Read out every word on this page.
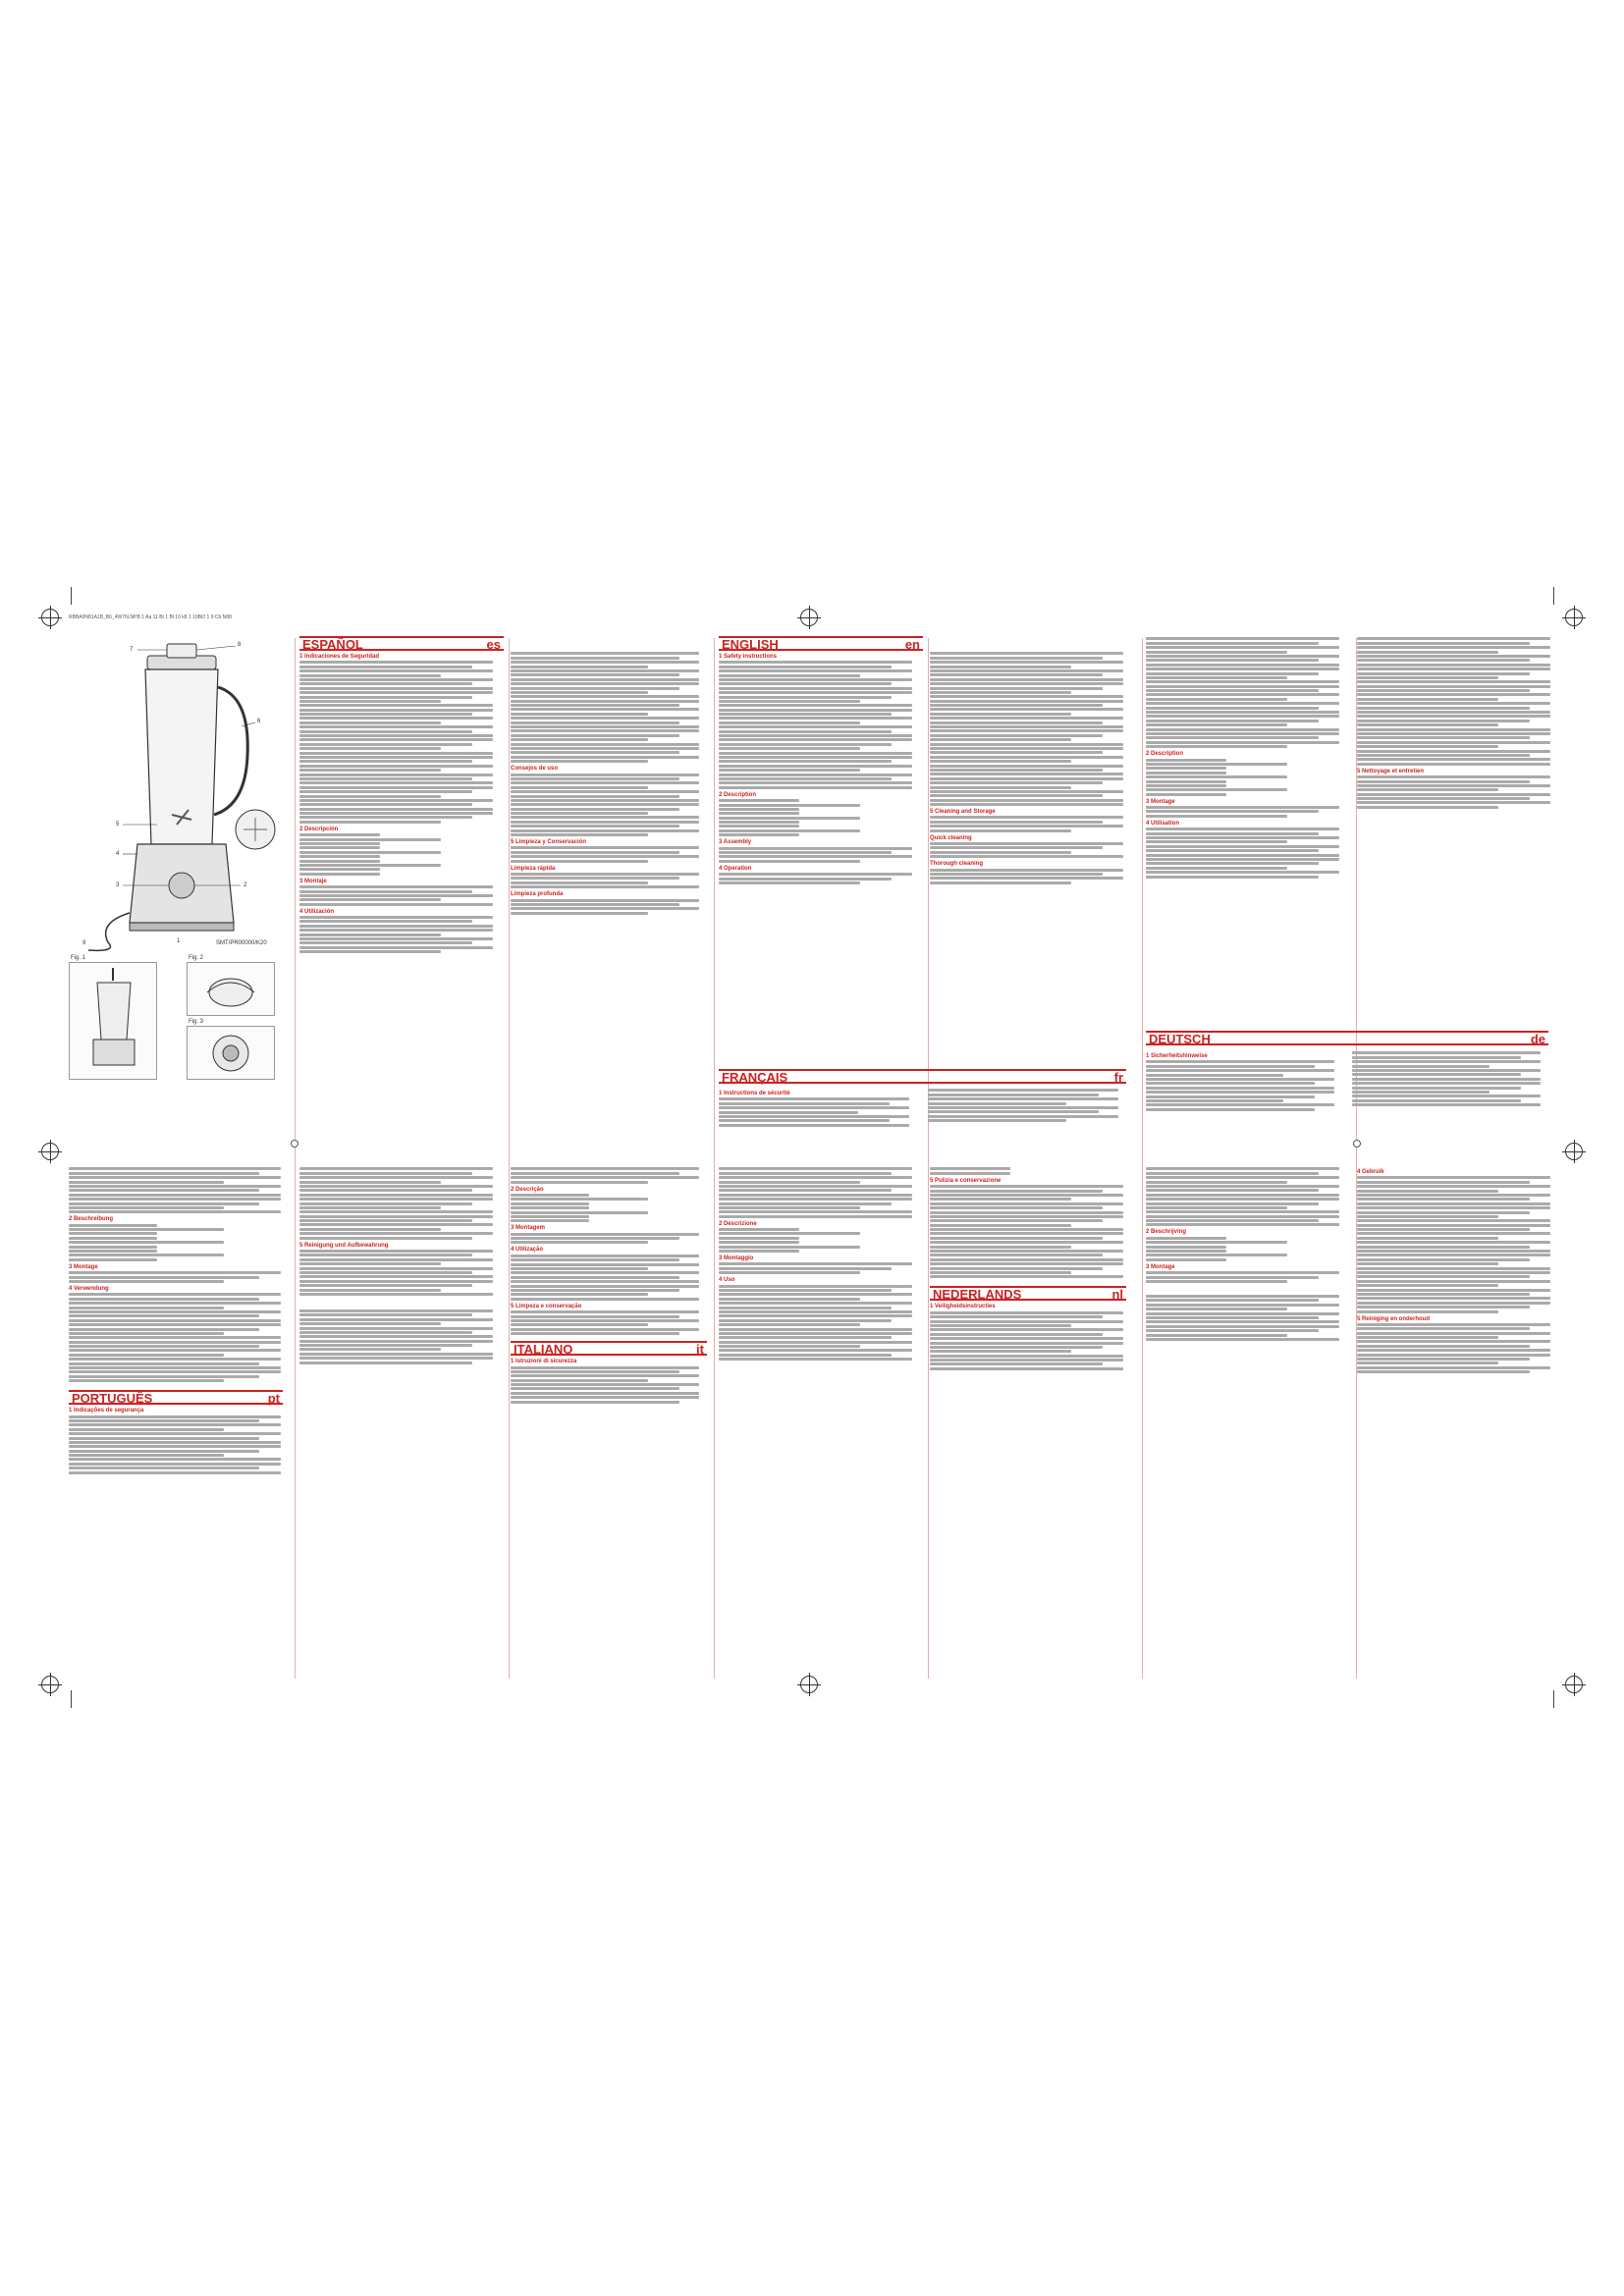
RBBA9N81A1B_B6_4W76LNPB 1 Aa 11 Bt 1 Bl 10 k8 1 19Bt2 1 9 Cb N88
7
8
6
5
4
3	2
1
9	SMT/PR00000/K20
Fig. 1	Fig. 2
Fig. 3
ESPAÑOL	es
1 Indicaciones de Seguridad
2 Descripción
3 Montaje
4 Utilización
Consejos de uso
5 Limpieza y Conservación
Limpieza rápida
Limpieza profunda
ENGLISH	en
1 Safety instructions
2 Description
3 Assembly
4 Operation
5 Cleaning and Storage
Quick cleaning
Thorough cleaning
FRANÇAIS	fr
1 Instructions de sécurité
2 Description
3 Montage
4 Utilisation
5 Nettoyage et entretien
DEUTSCH	de
1 Sicherheitshinweise
2 Beschreibung
3 Montage
4 Verwendung
PORTUGUÊS	pt
1 Indicações de segurança
5 Reinigung und Aufbewahrung
2 Descrição
3 Montagem
4 Utilização
5 Limpeza e conservação
ITALIANO	it
1 Istruzioni di sicurezza
2 Descrizione
3 Montaggio
4 Uso
5 Pulizia e conservazione
NEDERLANDS	nl
1 Veiligheidsinstructies
2 Beschrijving
3 Montage
4 Gebruik
5 Reiniging en onderhoud
